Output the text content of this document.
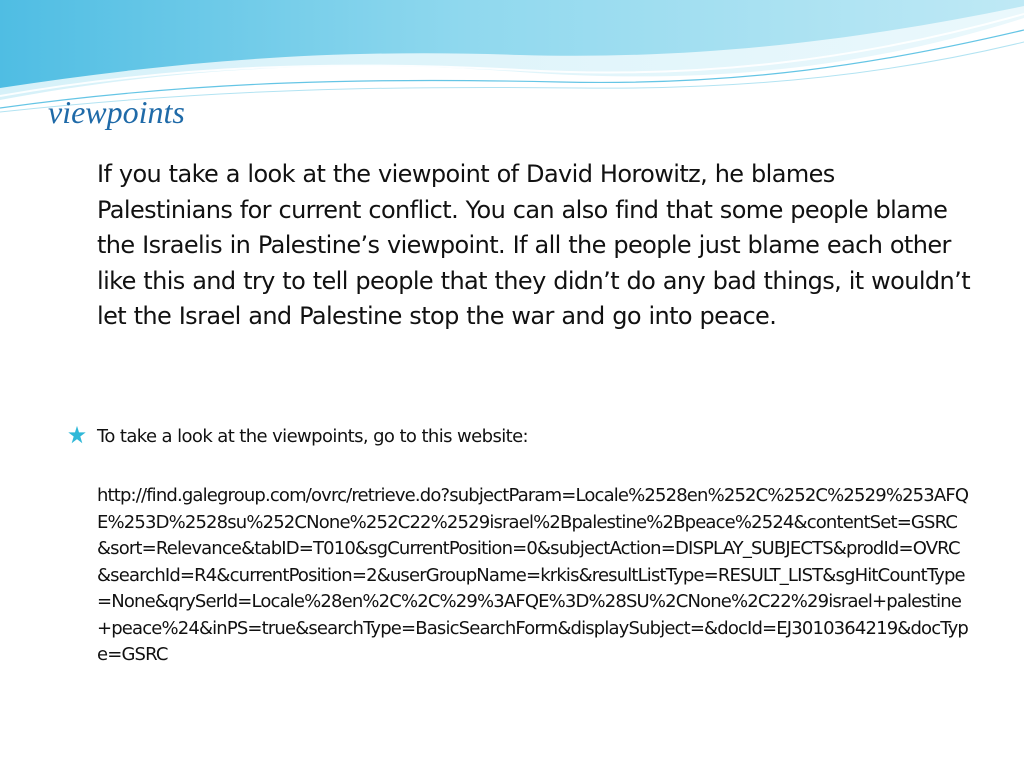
viewpoints

If you take a look at the viewpoint of David Horowitz, he blames Palestinians for current conflict. You can also find that some people blame the Israelis in Palestine’s viewpoint. If all the people just blame each other like this and try to tell people that they didn’t do any bad things, it wouldn’t let the Israel and Palestine stop the war and go into peace.

To take a look at the viewpoints, go to this website:

http://find.galegroup.com/ovrc/retrieve.do?subjectParam=Locale%2528en%252C%252C%2529%253AFQE%253D%2528su%252CNone%252C22%2529israel%2Bpalestine%2Bpeace%2524&contentSet=GSRC&sort=Relevance&tabID=T010&sgCurrentPosition=0&subjectAction=DISPLAY_SUBJECTS&prodId=OVRC&searchId=R4&currentPosition=2&userGroupName=krkis&resultListType=RESULT_LIST&sgHitCountType=None&qrySerId=Locale%28en%2C%2C%29%3AFQE%3D%28SU%2CNone%2C22%29israel+palestine+peace%24&inPS=true&searchType=BasicSearchForm&displaySubject=&docId=EJ3010364219&docType=GSRC
